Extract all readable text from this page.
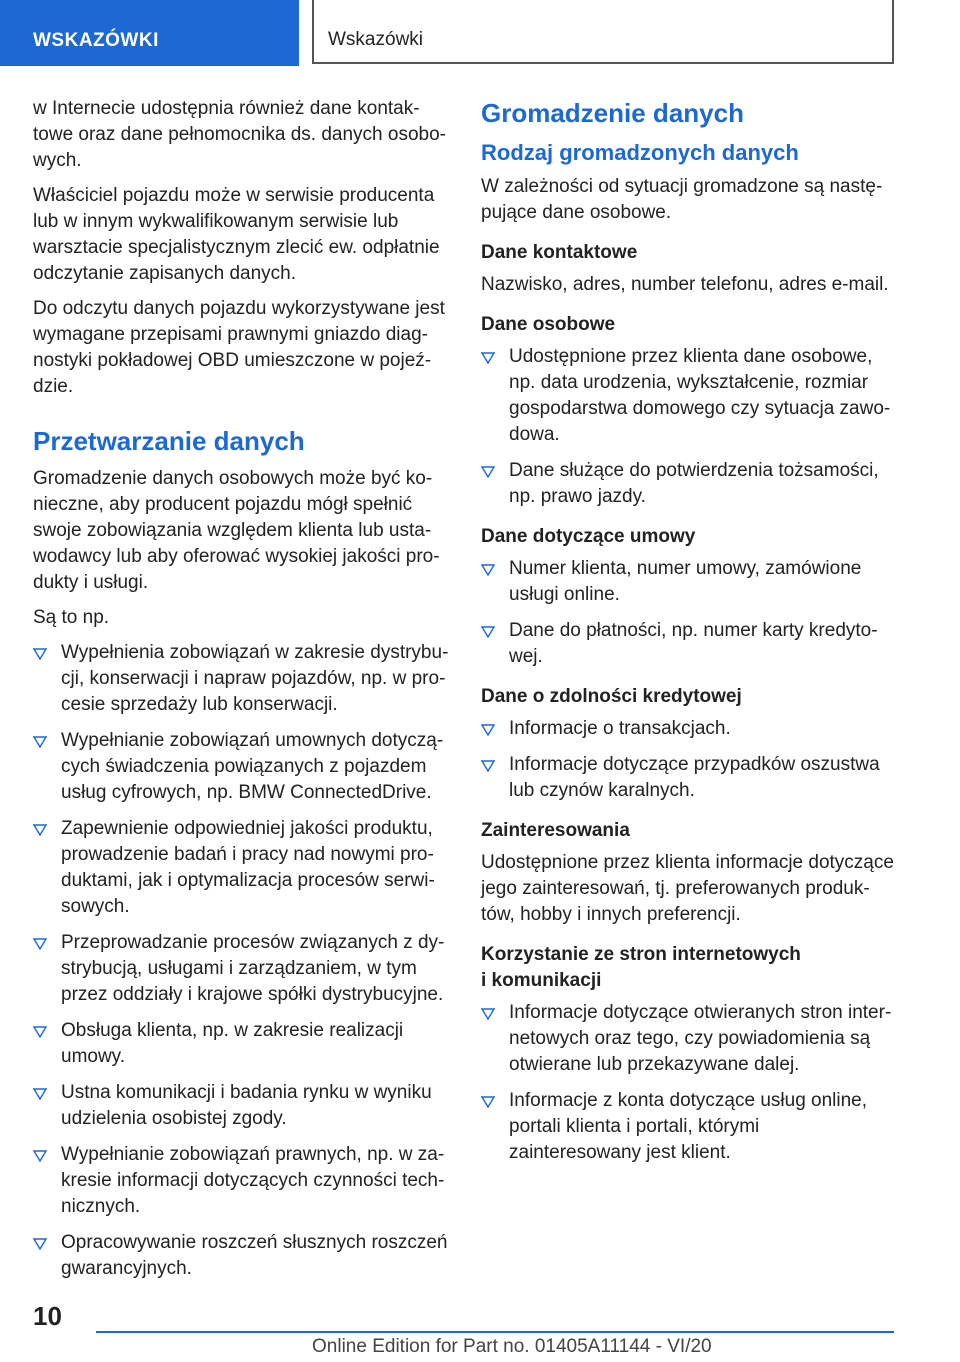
WSKAZÓWKI	Wskazówki

w Internecie udostępnia również dane kontaktowe oraz dane pełnomocnika ds. danych osobowych.

Właściciel pojazdu może w serwisie producenta lub w innym wykwalifikowanym serwisie lub warsztacie specjalistycznym zlecić ew. odpłatnie odczytanie zapisanych danych.

Do odczytu danych pojazdu wykorzystywane jest wymagane przepisami prawnymi gniazdo diagnostyki pokładowej OBD umieszczone w pojeździe.

Przetwarzanie danych

Gromadzenie danych osobowych może być konieczne, aby producent pojazdu mógł spełnić swoje zobowiązania względem klienta lub ustawodawcy lub aby oferować wysokiej jakości produkty i usługi.

Są to np.

Wypełnienia zobowiązań w zakresie dystrybucji, konserwacji i napraw pojazdów, np. w procesie sprzedaży lub konserwacji.
Wypełnianie zobowiązań umownych dotyczących świadczenia powiązanych z pojazdem usług cyfrowych, np. BMW ConnectedDrive.
Zapewnienie odpowiedniej jakości produktu, prowadzenie badań i pracy nad nowymi produktami, jak i optymalizacja procesów serwisowych.
Przeprowadzanie procesów związanych z dystrybucją, usługami i zarządzaniem, w tym przez oddziały i krajowe spółki dystrybucyjne.
Obsługa klienta, np. w zakresie realizacji umowy.
Ustna komunikacji i badania rynku w wyniku udzielenia osobistej zgody.
Wypełnianie zobowiązań prawnych, np. w zakresie informacji dotyczących czynności technicznych.
Opracowywanie roszczeń słusznych roszczeń gwarancyjnych.
Gromadzenie danych
Rodzaj gromadzonych danych

W zależności od sytuacji gromadzone są następujące dane osobowe.

Dane kontaktowe

Nazwisko, adres, number telefonu, adres e-mail.

Dane osobowe
Udostępnione przez klienta dane osobowe, np. data urodzenia, wykształcenie, rozmiar gospodarstwa domowego czy sytuacja zawodowa.
Dane służące do potwierdzenia tożsamości, np. prawo jazdy.
Dane dotyczące umowy
Numer klienta, numer umowy, zamówione usługi online.
Dane do płatności, np. numer karty kredytowej.
Dane o zdolności kredytowej
Informacje o transakcjach.
Informacje dotyczące przypadków oszustwa lub czynów karalnych.
Zainteresowania

Udostępnione przez klienta informacje dotyczące jego zainteresowań, tj. preferowanych produktów, hobby i innych preferencji.

Korzystanie ze stron internetowych
i komunikacji
Informacje dotyczące otwieranych stron internetowych oraz tego, czy powiadomienia są otwierane lub przekazywane dalej.
Informacje z konta dotyczące usług online, portali klienta i portali, którymi zainteresowany jest klient.
10
Online Edition for Part no. 01405A11144 - VI/20
